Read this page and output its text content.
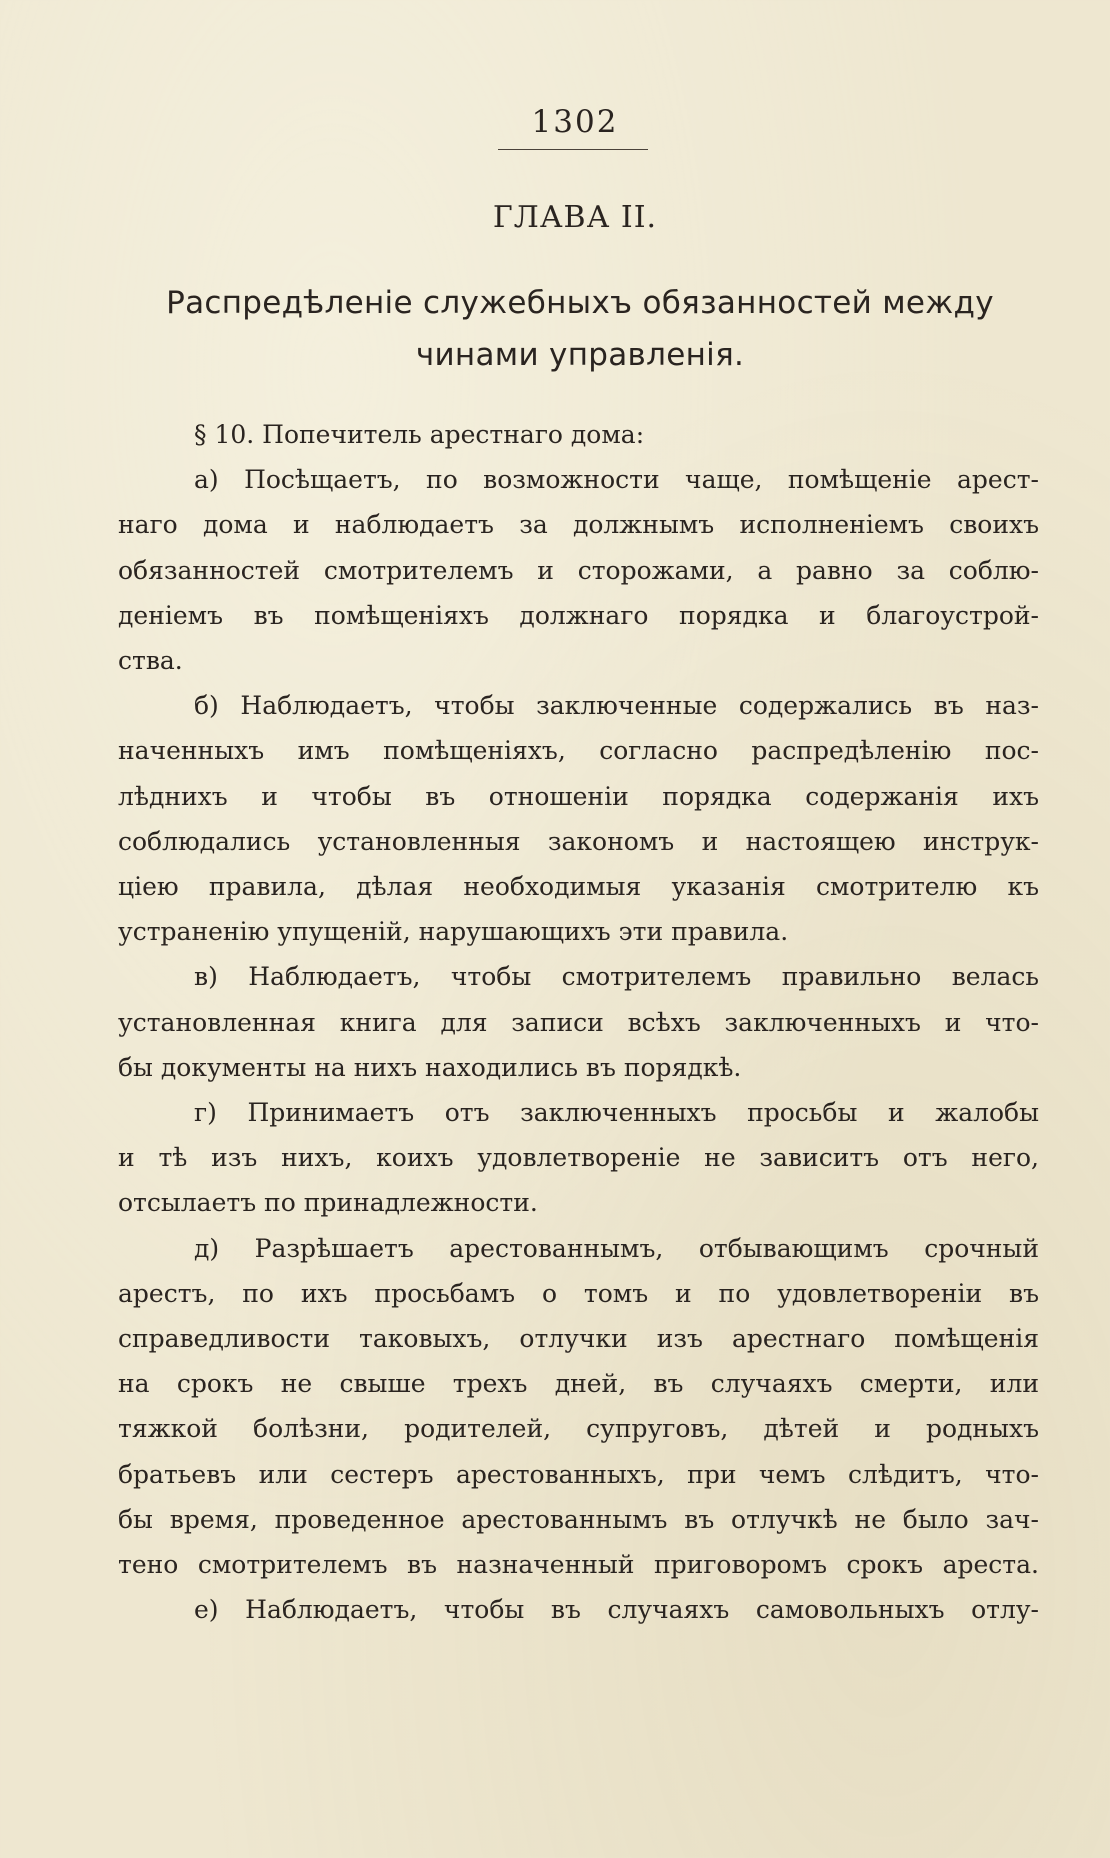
1302
ГЛАВА II.
Распредѣленіе служебныхъ обязанностей между
чинами управленія.

§ 10. Попечитель арестнаго дома:

а) Посѣщаетъ, по возможности чаще, помѣщеніе арест-

наго дома и наблюдаетъ за должнымъ исполненіемъ своихъ

обязанностей смотрителемъ и сторожами, а равно за соблю-

деніемъ въ помѣщеніяхъ должнаго порядка и благоустрой-

ства.

б) Наблюдаетъ, чтобы заключенные содержались въ наз-

наченныхъ имъ помѣщеніяхъ, согласно распредѣленію пос-

лѣднихъ и чтобы въ отношеніи порядка содержанія ихъ

соблюдались установленныя закономъ и настоящею инструк-

ціею правила, дѣлая необходимыя указанія смотрителю къ

устраненію упущеній, нарушающихъ эти правила.

в) Наблюдаетъ, чтобы смотрителемъ правильно велась

установленная книга для записи всѣхъ заключенныхъ и что-

бы документы на нихъ находились въ порядкѣ.

г) Принимаетъ отъ заключенныхъ просьбы и жалобы

и тѣ изъ нихъ, коихъ удовлетвореніе не зависитъ отъ него,

отсылаетъ по принадлежности.

д) Разрѣшаетъ арестованнымъ, отбывающимъ срочный

арестъ, по ихъ просьбамъ о томъ и по удовлетвореніи въ

справедливости таковыхъ, отлучки изъ арестнаго помѣщенія

на срокъ не свыше трехъ дней, въ случаяхъ смерти, или

тяжкой болѣзни, родителей, супруговъ, дѣтей и родныхъ

братьевъ или сестеръ арестованныхъ, при чемъ слѣдитъ, что-

бы время, проведенное арестованнымъ въ отлучкѣ не было зач-

тено смотрителемъ въ назначенный приговоромъ срокъ ареста.

е) Наблюдаетъ, чтобы въ случаяхъ самовольныхъ отлу-
